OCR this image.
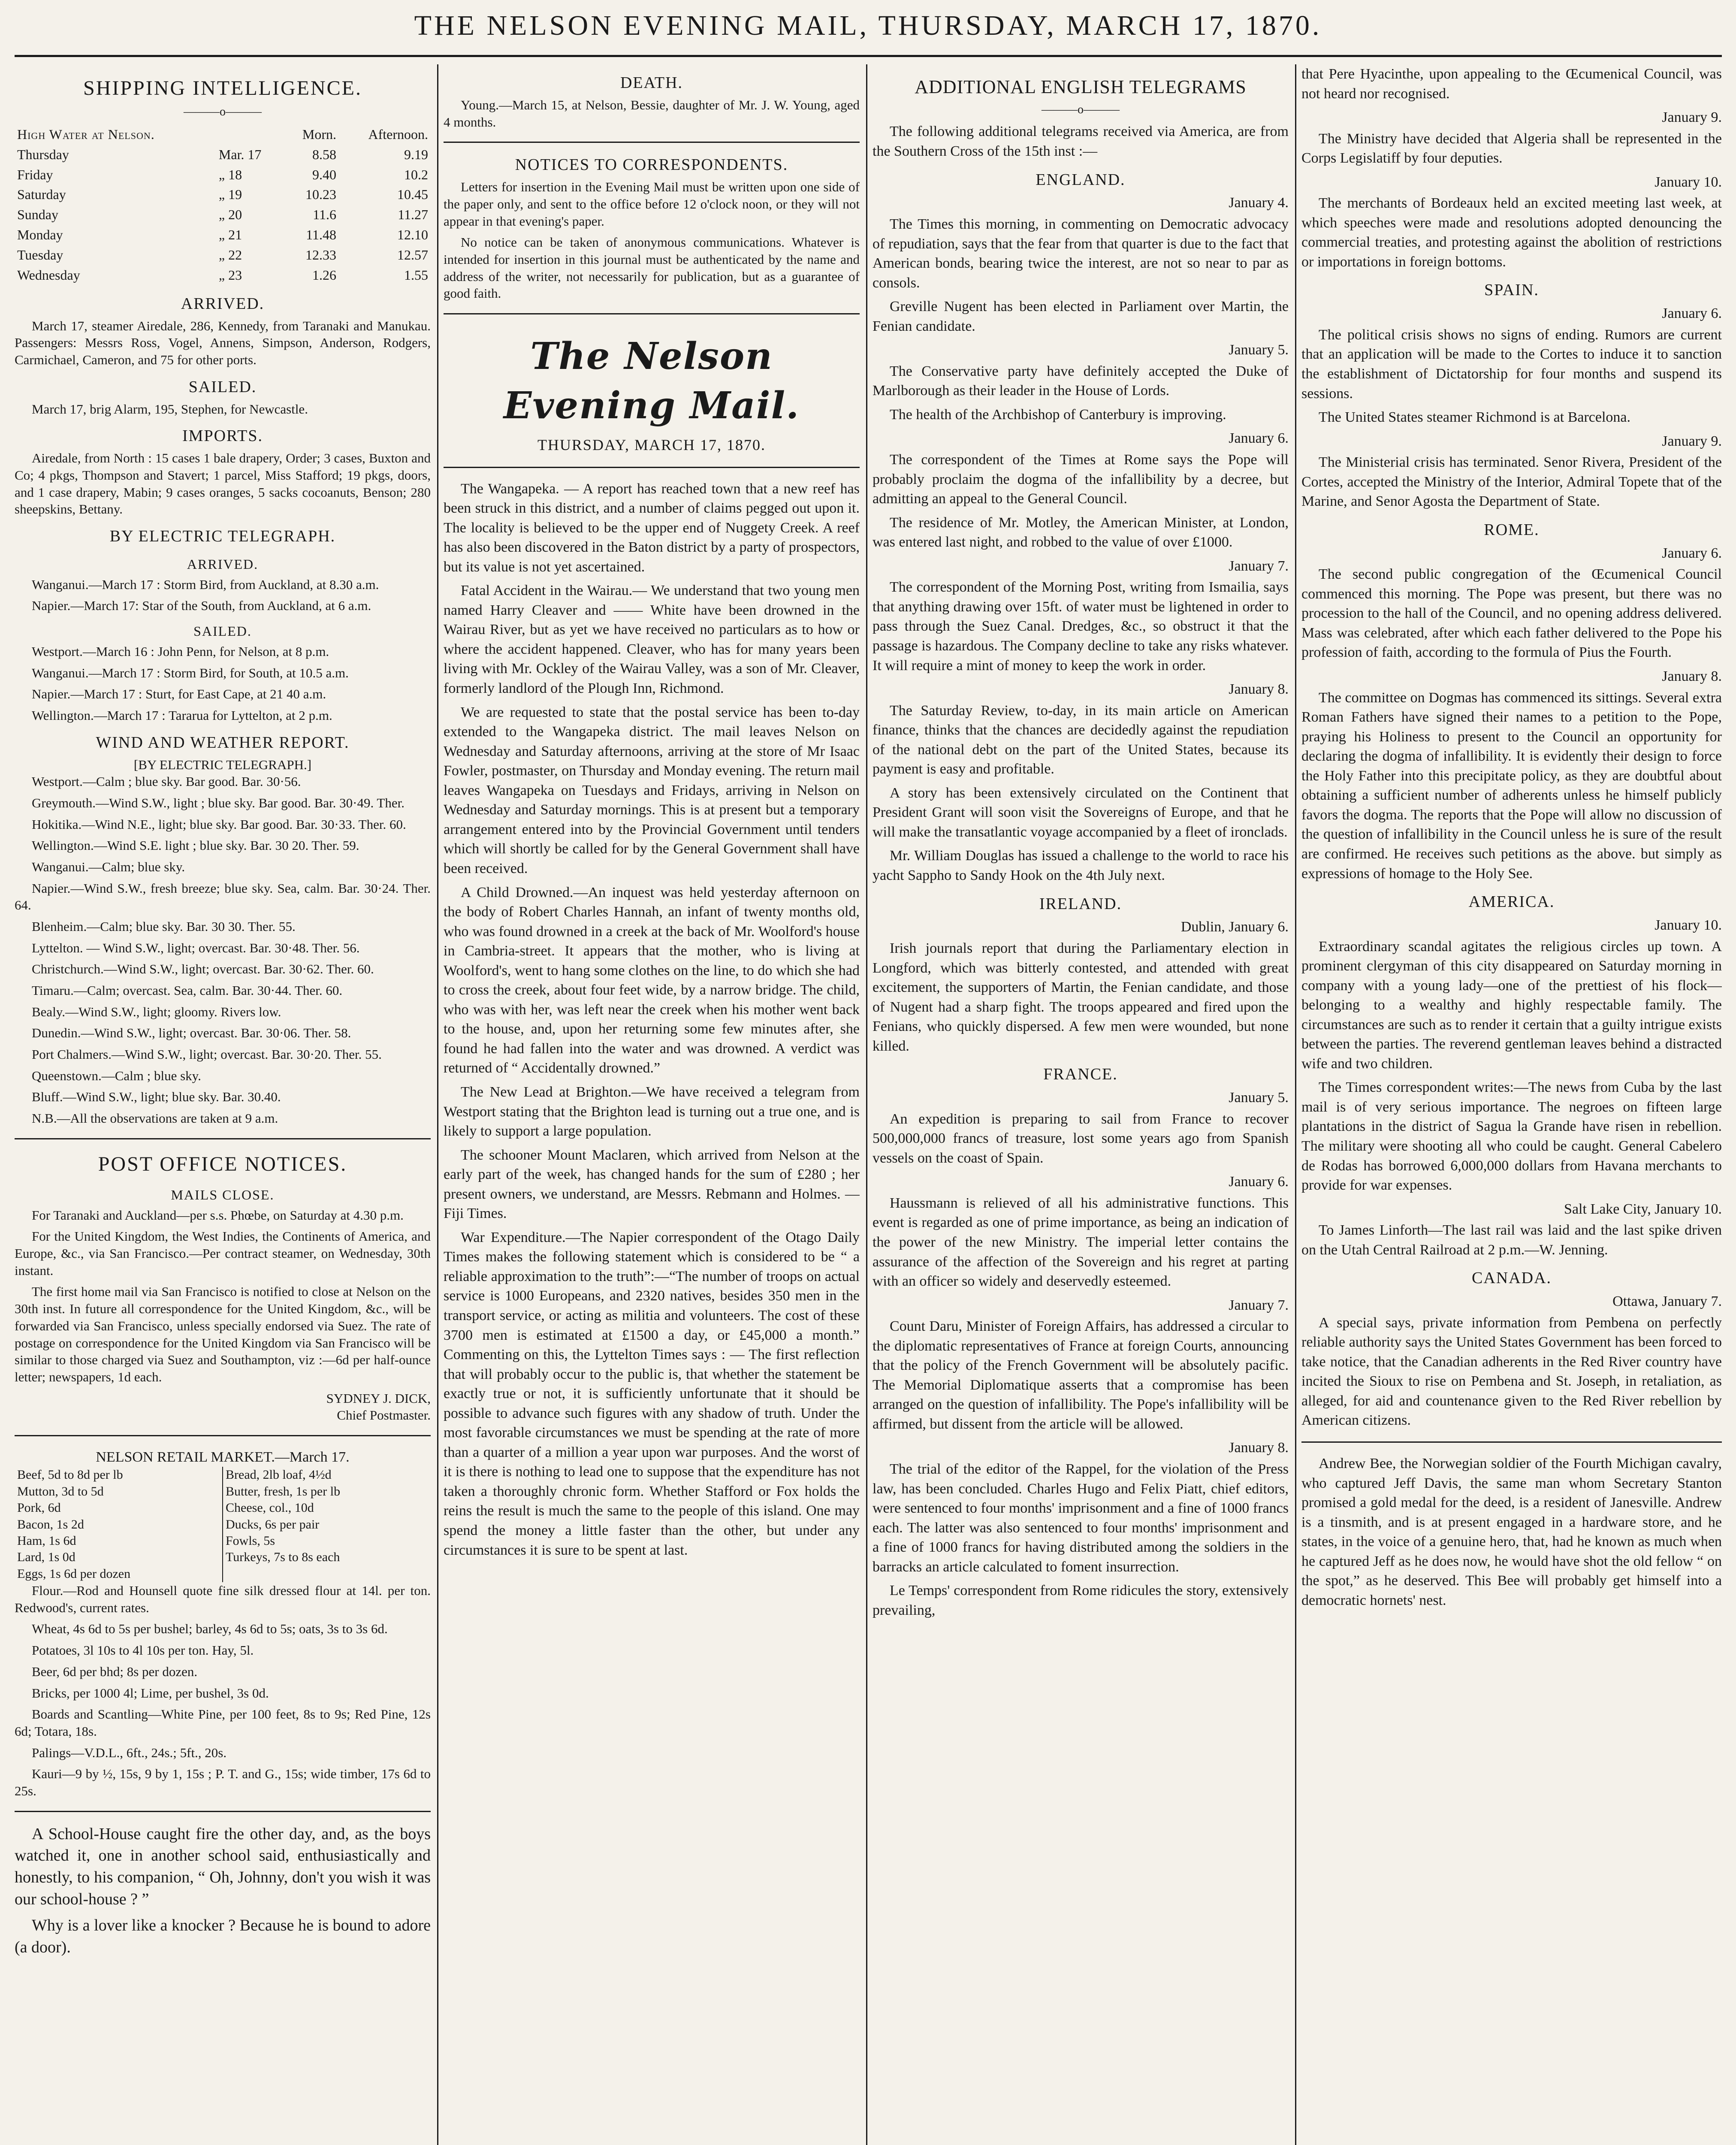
THE NELSON EVENING MAIL, THURSDAY, MARCH 17, 1870.
SHIPPING INTELLIGENCE.
———o———
High Water at Nelson.		Morn.	Afternoon.
Thursday	Mar. 17	8.58	9.19
Friday	„ 18	9.40	10.2
Saturday	„ 19	10.23	10.45
Sunday	„ 20	11.6	11.27
Monday	„ 21	11.48	12.10
Tuesday	„ 22	12.33	12.57
Wednesday	„ 23	1.26	1.55
ARRIVED.

March 17, steamer Airedale, 286, Kennedy, from Taranaki and Manukau. Passengers: Messrs Ross, Vogel, Annens, Simpson, Anderson, Rodgers, Carmichael, Cameron, and 75 for other ports.

SAILED.

March 17, brig Alarm, 195, Stephen, for Newcastle.

IMPORTS.

Airedale, from North : 15 cases 1 bale drapery, Order; 3 cases, Buxton and Co; 4 pkgs, Thompson and Stavert; 1 parcel, Miss Stafford; 19 pkgs, doors, and 1 case drapery, Mabin; 9 cases oranges, 5 sacks cocoanuts, Benson; 280 sheepskins, Bettany.

BY ELECTRIC TELEGRAPH.
ARRIVED.

Wanganui.—March 17 : Storm Bird, from Auckland, at 8.30 a.m.

Napier.—March 17: Star of the South, from Auckland, at 6 a.m.

SAILED.

Westport.—March 16 : John Penn, for Nelson, at 8 p.m.

Wanganui.—March 17 : Storm Bird, for South, at 10.5 a.m.

Napier.—March 17 : Sturt, for East Cape, at 21 40 a.m.

Wellington.—March 17 : Tararua for Lyttelton, at 2 p.m.

WIND AND WEATHER REPORT.
[BY ELECTRIC TELEGRAPH.]

Westport.—Calm ; blue sky. Bar good. Bar. 30·56.

Greymouth.—Wind S.W., light ; blue sky. Bar good. Bar. 30·49. Ther.

Hokitika.—Wind N.E., light; blue sky. Bar good. Bar. 30·33. Ther. 60.

Wellington.—Wind S.E. light ; blue sky. Bar. 30 20. Ther. 59.

Wanganui.—Calm; blue sky.

Napier.—Wind S.W., fresh breeze; blue sky. Sea, calm. Bar. 30·24. Ther. 64.

Blenheim.—Calm; blue sky. Bar. 30 30. Ther. 55.

Lyttelton. — Wind S.W., light; overcast. Bar. 30·48. Ther. 56.

Christchurch.—Wind S.W., light; overcast. Bar. 30·62. Ther. 60.

Timaru.—Calm; overcast. Sea, calm. Bar. 30·44. Ther. 60.

Bealy.—Wind S.W., light; gloomy. Rivers low.

Dunedin.—Wind S.W., light; overcast. Bar. 30·06. Ther. 58.

Port Chalmers.—Wind S.W., light; overcast. Bar. 30·20. Ther. 55.

Queenstown.—Calm ; blue sky.

Bluff.—Wind S.W., light; blue sky. Bar. 30.40.

N.B.—All the observations are taken at 9 a.m.

POST OFFICE NOTICES.
MAILS CLOSE.

For Taranaki and Auckland—per s.s. Phœbe, on Saturday at 4.30 p.m.

For the United Kingdom, the West Indies, the Continents of America, and Europe, &c., via San Francisco.—Per contract steamer, on Wednesday, 30th instant.

The first home mail via San Francisco is notified to close at Nelson on the 30th inst. In future all correspondence for the United Kingdom, &c., will be forwarded via San Francisco, unless specially endorsed via Suez. The rate of postage on correspondence for the United Kingdom via San Francisco will be similar to those charged via Suez and Southampton, viz :—6d per half-ounce letter; newspapers, 1d each.

SYDNEY J. DICK,

Chief Postmaster.

NELSON RETAIL MARKET.—March 17.
Beef, 5d to 8d per lb
Mutton, 3d to 5d
Pork, 6d
Bacon, 1s 2d
Ham, 1s 6d
Lard, 1s 0d
Eggs, 1s 6d per dozen

Bread, 2lb loaf, 4½d
Butter, fresh, 1s per lb
Cheese, col., 10d
Ducks, 6s per pair
Fowls, 5s
Turkeys, 7s to 8s each

Flour.—Rod and Hounsell quote fine silk dressed flour at 14l. per ton. Redwood's, current rates.

Wheat, 4s 6d to 5s per bushel; barley, 4s 6d to 5s; oats, 3s to 3s 6d.

Potatoes, 3l 10s to 4l 10s per ton. Hay, 5l.

Beer, 6d per bhd; 8s per dozen.

Bricks, per 1000 4l; Lime, per bushel, 3s 0d.

Boards and Scantling—White Pine, per 100 feet, 8s to 9s; Red Pine, 12s 6d; Totara, 18s.

Palings—V.D.L., 6ft., 24s.; 5ft., 20s.

Kauri—9 by ½, 15s, 9 by 1, 15s ; P. T. and G., 15s; wide timber, 17s 6d to 25s.

A School-House caught fire the other day, and, as the boys watched it, one in another school said, enthusiastically and honestly, to his companion, “ Oh, Johnny, don't you wish it was our school-house ? ”

Why is a lover like a knocker ? Because he is bound to adore (a door).

DEATH.

Young.—March 15, at Nelson, Bessie, daughter of Mr. J. W. Young, aged 4 months.

NOTICES TO CORRESPONDENTS.

Letters for insertion in the Evening Mail must be written upon one side of the paper only, and sent to the office before 12 o'clock noon, or they will not appear in that evening's paper.

No notice can be taken of anonymous communications. Whatever is intended for insertion in this journal must be authenticated by the name and address of the writer, not necessarily for publication, but as a guarantee of good faith.

The Nelson Evening Mail.
THURSDAY, MARCH 17, 1870.

The Wangapeka. — A report has reached town that a new reef has been struck in this district, and a number of claims pegged out upon it. The locality is believed to be the upper end of Nuggety Creek. A reef has also been discovered in the Baton district by a party of prospectors, but its value is not yet ascertained.

Fatal Accident in the Wairau.— We understand that two young men named Harry Cleaver and —— White have been drowned in the Wairau River, but as yet we have received no particulars as to how or where the accident happened. Cleaver, who has for many years been living with Mr. Ockley of the Wairau Valley, was a son of Mr. Cleaver, formerly landlord of the Plough Inn, Richmond.

We are requested to state that the postal service has been to-day extended to the Wangapeka district. The mail leaves Nelson on Wednesday and Saturday afternoons, arriving at the store of Mr Isaac Fowler, postmaster, on Thursday and Monday evening. The return mail leaves Wangapeka on Tuesdays and Fridays, arriving in Nelson on Wednesday and Saturday mornings. This is at present but a temporary arrangement entered into by the Provincial Government until tenders which will shortly be called for by the General Government shall have been received.

A Child Drowned.—An inquest was held yesterday afternoon on the body of Robert Charles Hannah, an infant of twenty months old, who was found drowned in a creek at the back of Mr. Woolford's house in Cambria-street. It appears that the mother, who is living at Woolford's, went to hang some clothes on the line, to do which she had to cross the creek, about four feet wide, by a narrow bridge. The child, who was with her, was left near the creek when his mother went back to the house, and, upon her returning some few minutes after, she found he had fallen into the water and was drowned. A verdict was returned of “ Accidentally drowned.”

The New Lead at Brighton.—We have received a telegram from Westport stating that the Brighton lead is turning out a true one, and is likely to support a large population.

The schooner Mount Maclaren, which arrived from Nelson at the early part of the week, has changed hands for the sum of £280 ; her present owners, we understand, are Messrs. Rebmann and Holmes. —Fiji Times.

War Expenditure.—The Napier correspondent of the Otago Daily Times makes the following statement which is considered to be “ a reliable approximation to the truth”:—“The number of troops on actual service is 1000 Europeans, and 2320 natives, besides 350 men in the transport service, or acting as militia and volunteers. The cost of these 3700 men is estimated at £1500 a day, or £45,000 a month.” Commenting on this, the Lyttelton Times says : — The first reflection that will probably occur to the public is, that whether the statement be exactly true or not, it is sufficiently unfortunate that it should be possible to advance such figures with any shadow of truth. Under the most favorable circumstances we must be spending at the rate of more than a quarter of a million a year upon war purposes. And the worst of it is there is nothing to lead one to suppose that the expenditure has not taken a thoroughly chronic form. Whether Stafford or Fox holds the reins the result is much the same to the people of this island. One may spend the money a little faster than the other, but under any circumstances it is sure to be spent at last.

ADDITIONAL ENGLISH TELEGRAMS
———o———

The following additional telegrams received via America, are from the Southern Cross of the 15th inst :—

ENGLAND.
January 4.

The Times this morning, in commenting on Democratic advocacy of repudiation, says that the fear from that quarter is due to the fact that American bonds, bearing twice the interest, are not so near to par as consols.

Greville Nugent has been elected in Parliament over Martin, the Fenian candidate.

January 5.

The Conservative party have definitely accepted the Duke of Marlborough as their leader in the House of Lords.

The health of the Archbishop of Canterbury is improving.

January 6.

The correspondent of the Times at Rome says the Pope will probably proclaim the dogma of the infallibility by a decree, but admitting an appeal to the General Council.

The residence of Mr. Motley, the American Minister, at London, was entered last night, and robbed to the value of over £1000.

January 7.

The correspondent of the Morning Post, writing from Ismailia, says that anything drawing over 15ft. of water must be lightened in order to pass through the Suez Canal. Dredges, &c., so obstruct it that the passage is hazardous. The Company decline to take any risks whatever. It will require a mint of money to keep the work in order.

January 8.

The Saturday Review, to-day, in its main article on American finance, thinks that the chances are decidedly against the repudiation of the national debt on the part of the United States, because its payment is easy and profitable.

A story has been extensively circulated on the Continent that President Grant will soon visit the Sovereigns of Europe, and that he will make the transatlantic voyage accompanied by a fleet of ironclads.

Mr. William Douglas has issued a challenge to the world to race his yacht Sappho to Sandy Hook on the 4th July next.

IRELAND.
Dublin, January 6.

Irish journals report that during the Parliamentary election in Longford, which was bitterly contested, and attended with great excitement, the supporters of Martin, the Fenian candidate, and those of Nugent had a sharp fight. The troops appeared and fired upon the Fenians, who quickly dispersed. A few men were wounded, but none killed.

FRANCE.
January 5.

An expedition is preparing to sail from France to recover 500,000,000 francs of treasure, lost some years ago from Spanish vessels on the coast of Spain.

January 6.

Haussmann is relieved of all his administrative functions. This event is regarded as one of prime importance, as being an indication of the power of the new Ministry. The imperial letter contains the assurance of the affection of the Sovereign and his regret at parting with an officer so widely and deservedly esteemed.

January 7.

Count Daru, Minister of Foreign Affairs, has addressed a circular to the diplomatic representatives of France at foreign Courts, announcing that the policy of the French Government will be absolutely pacific. The Memorial Diplomatique asserts that a compromise has been arranged on the question of infallibility. The Pope's infallibility will be affirmed, but dissent from the article will be allowed.

January 8.

The trial of the editor of the Rappel, for the violation of the Press law, has been concluded. Charles Hugo and Felix Piatt, chief editors, were sentenced to four months' imprisonment and a fine of 1000 francs each. The latter was also sentenced to four months' imprisonment and a fine of 1000 francs for having distributed among the soldiers in the barracks an article calculated to foment insurrection.

Le Temps' correspondent from Rome ridicules the story, extensively prevailing,

that Pere Hyacinthe, upon appealing to the Œcumenical Council, was not heard nor recognised.

January 9.

The Ministry have decided that Algeria shall be represented in the Corps Legislatiff by four deputies.

January 10.

The merchants of Bordeaux held an excited meeting last week, at which speeches were made and resolutions adopted denouncing the commercial treaties, and protesting against the abolition of restrictions or importations in foreign bottoms.

SPAIN.
January 6.

The political crisis shows no signs of ending. Rumors are current that an application will be made to the Cortes to induce it to sanction the establishment of Dictatorship for four months and suspend its sessions.

The United States steamer Richmond is at Barcelona.

January 9.

The Ministerial crisis has terminated. Senor Rivera, President of the Cortes, accepted the Ministry of the Interior, Admiral Topete that of the Marine, and Senor Agosta the Department of State.

ROME.
January 6.

The second public congregation of the Œcumenical Council commenced this morning. The Pope was present, but there was no procession to the hall of the Council, and no opening address delivered. Mass was celebrated, after which each father delivered to the Pope his profession of faith, according to the formula of Pius the Fourth.

January 8.

The committee on Dogmas has commenced its sittings. Several extra Roman Fathers have signed their names to a petition to the Pope, praying his Holiness to present to the Council an opportunity for declaring the dogma of infallibility. It is evidently their design to force the Holy Father into this precipitate policy, as they are doubtful about obtaining a sufficient number of adherents unless he himself publicly favors the dogma. The reports that the Pope will allow no discussion of the question of infallibility in the Council unless he is sure of the result are confirmed. He receives such petitions as the above. but simply as expressions of homage to the Holy See.

AMERICA.
January 10.

Extraordinary scandal agitates the religious circles up town. A prominent clergyman of this city disappeared on Saturday morning in company with a young lady—one of the prettiest of his flock—belonging to a wealthy and highly respectable family. The circumstances are such as to render it certain that a guilty intrigue exists between the parties. The reverend gentleman leaves behind a distracted wife and two children.

The Times correspondent writes:—The news from Cuba by the last mail is of very serious importance. The negroes on fifteen large plantations in the district of Sagua la Grande have risen in rebellion. The military were shooting all who could be caught. General Cabelero de Rodas has borrowed 6,000,000 dollars from Havana merchants to provide for war expenses.

Salt Lake City, January 10.

To James Linforth—The last rail was laid and the last spike driven on the Utah Central Railroad at 2 p.m.—W. Jenning.

CANADA.
Ottawa, January 7.

A special says, private information from Pembena on perfectly reliable authority says the United States Government has been forced to take notice, that the Canadian adherents in the Red River country have incited the Sioux to rise on Pembena and St. Joseph, in retaliation, as alleged, for aid and countenance given to the Red River rebellion by American citizens.

Andrew Bee, the Norwegian soldier of the Fourth Michigan cavalry, who captured Jeff Davis, the same man whom Secretary Stanton promised a gold medal for the deed, is a resident of Janesville. Andrew is a tinsmith, and is at present engaged in a hardware store, and he states, in the voice of a genuine hero, that, had he known as much when he captured Jeff as he does now, he would have shot the old fellow “ on the spot,” as he deserved. This Bee will probably get himself into a democratic hornets' nest.
